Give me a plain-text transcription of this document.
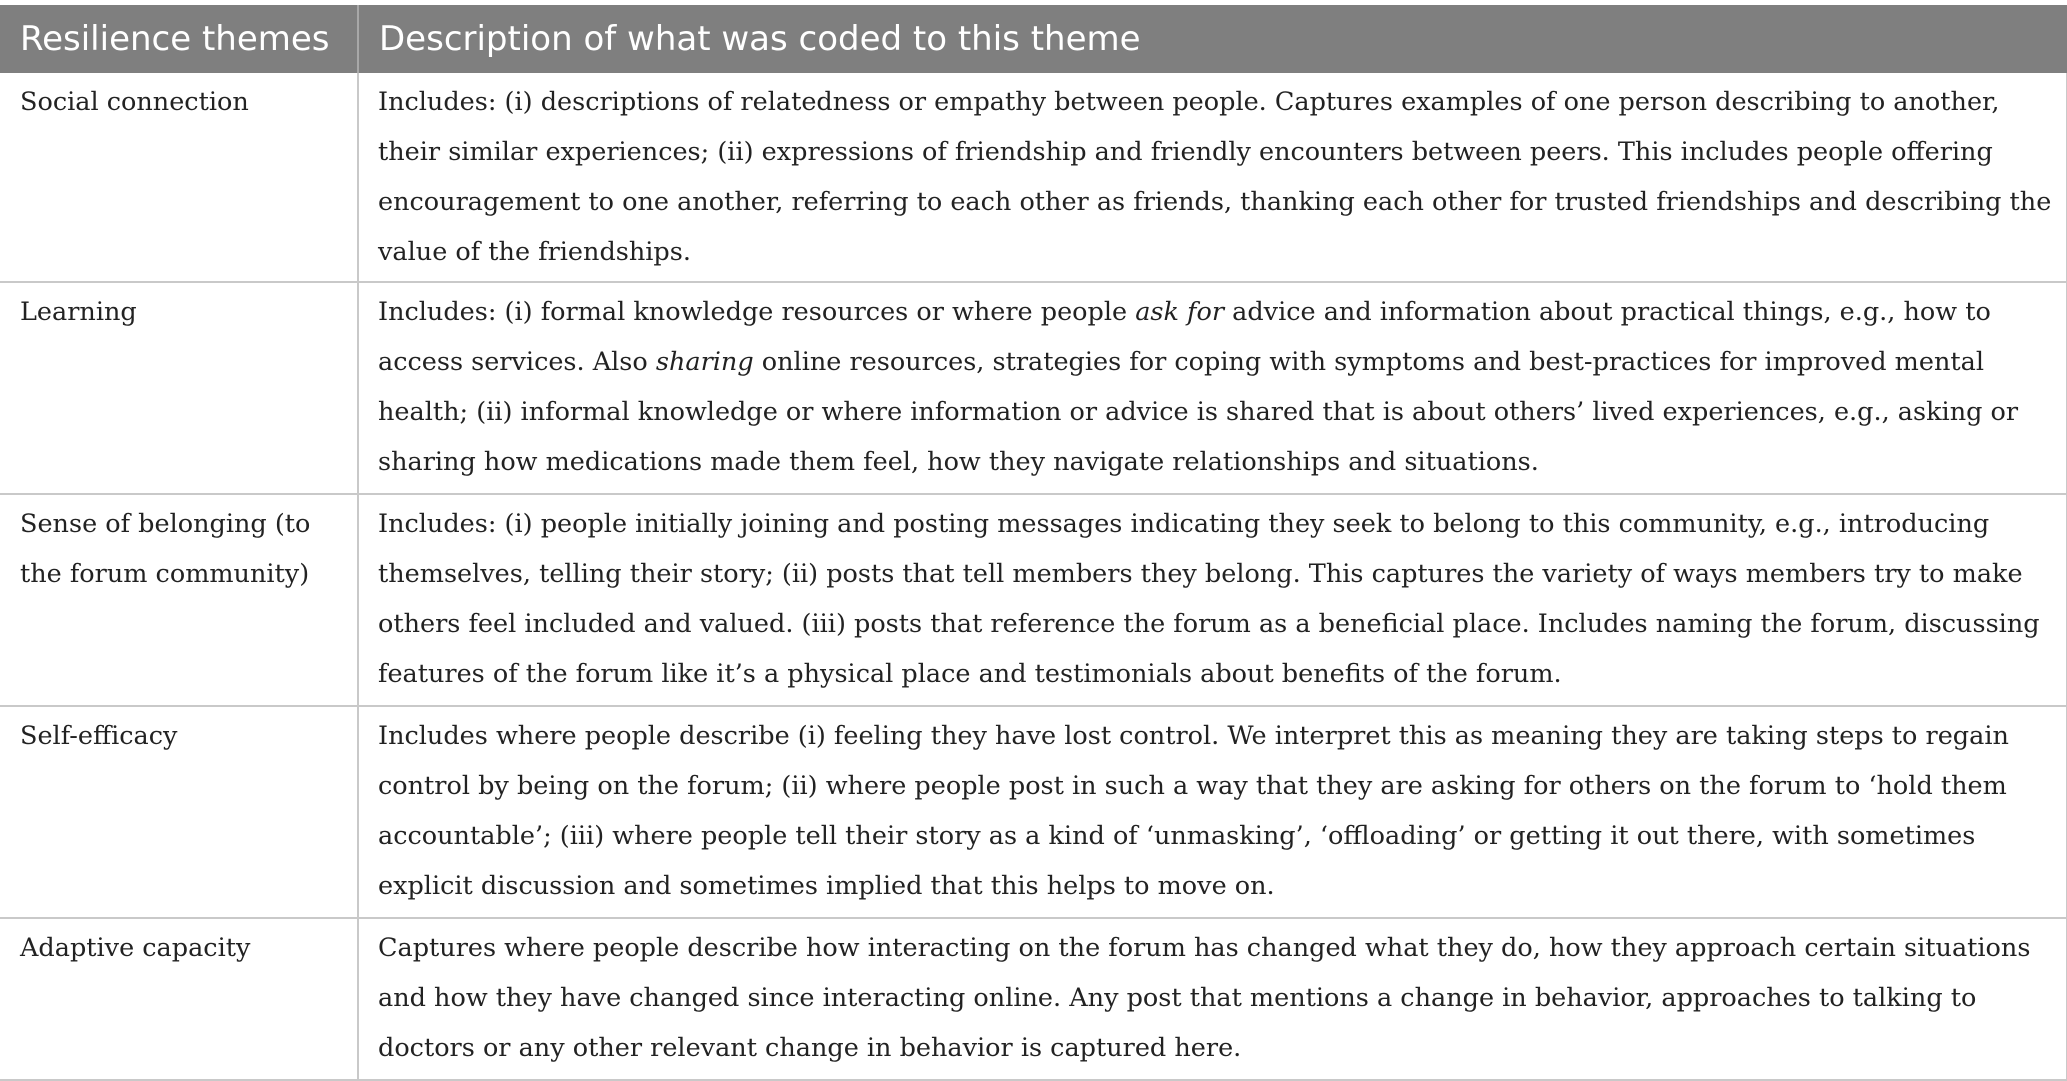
Resilience themes	Description of what was coded to this theme
Social connection	Includes: (i) descriptions of relatedness or empathy between people. Captures examples of one person describing to another, their similar experiences; (ii) expressions of friendship and friendly encounters between peers. This includes people offering encouragement to one another, referring to each other as friends, thanking each other for trusted friendships and describing the value of the friendships.
Learning	Includes: (i) formal knowledge resources or where people ask for advice and information about practical things, e.g., how to access services. Also sharing online resources, strategies for coping with symptoms and best-practices for improved mental health; (ii) informal knowledge or where information or advice is shared that is about others’ lived experiences, e.g., asking or sharing how medications made them feel, how they navigate relationships and situations.
Sense of belonging (to the forum community)	Includes: (i) people initially joining and posting messages indicating they seek to belong to this community, e.g., introducing themselves, telling their story; (ii) posts that tell members they belong. This captures the variety of ways members try to make others feel included and valued. (iii) posts that reference the forum as a beneficial place. Includes naming the forum, discussing features of the forum like it’s a physical place and testimonials about benefits of the forum.
Self-efficacy	Includes where people describe (i) feeling they have lost control. We interpret this as meaning they are taking steps to regain control by being on the forum; (ii) where people post in such a way that they are asking for others on the forum to ‘hold them accountable’; (iii) where people tell their story as a kind of ‘unmasking’, ‘offloading’ or getting it out there, with sometimes explicit discussion and sometimes implied that this helps to move on.
Adaptive capacity	Captures where people describe how interacting on the forum has changed what they do, how they approach certain situations and how they have changed since interacting online. Any post that mentions a change in behavior, approaches to talking to doctors or any other relevant change in behavior is captured here.
